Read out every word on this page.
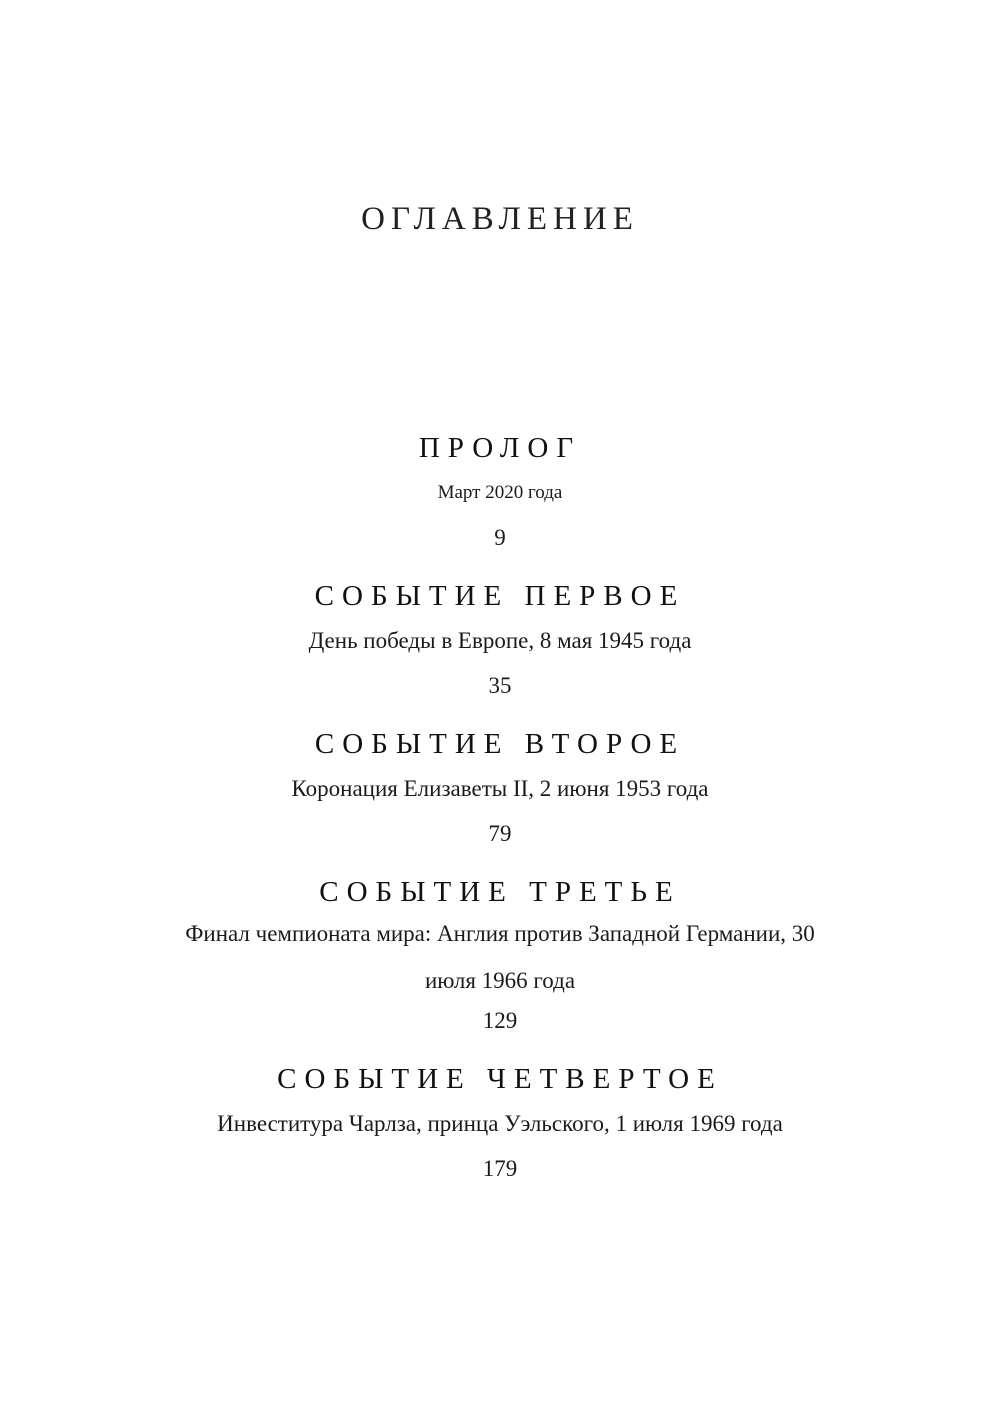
ОГЛАВЛЕНИЕ
ПРОЛОГ

Март 2020 года

9

СОБЫТИЕ ПЕРВОЕ

День победы в Европе, 8 мая 1945 года

35

СОБЫТИЕ ВТОРОЕ

Коронация Елизаветы II, 2 июня 1953 года

79

СОБЫТИЕ ТРЕТЬЕ

Финал чемпионата мира: Англия против Западной Германии, 30 июля 1966 года

129

СОБЫТИЕ ЧЕТВЕРТОЕ

Инвеститура Чарлза, принца Уэльского, 1 июля 1969 года

179
